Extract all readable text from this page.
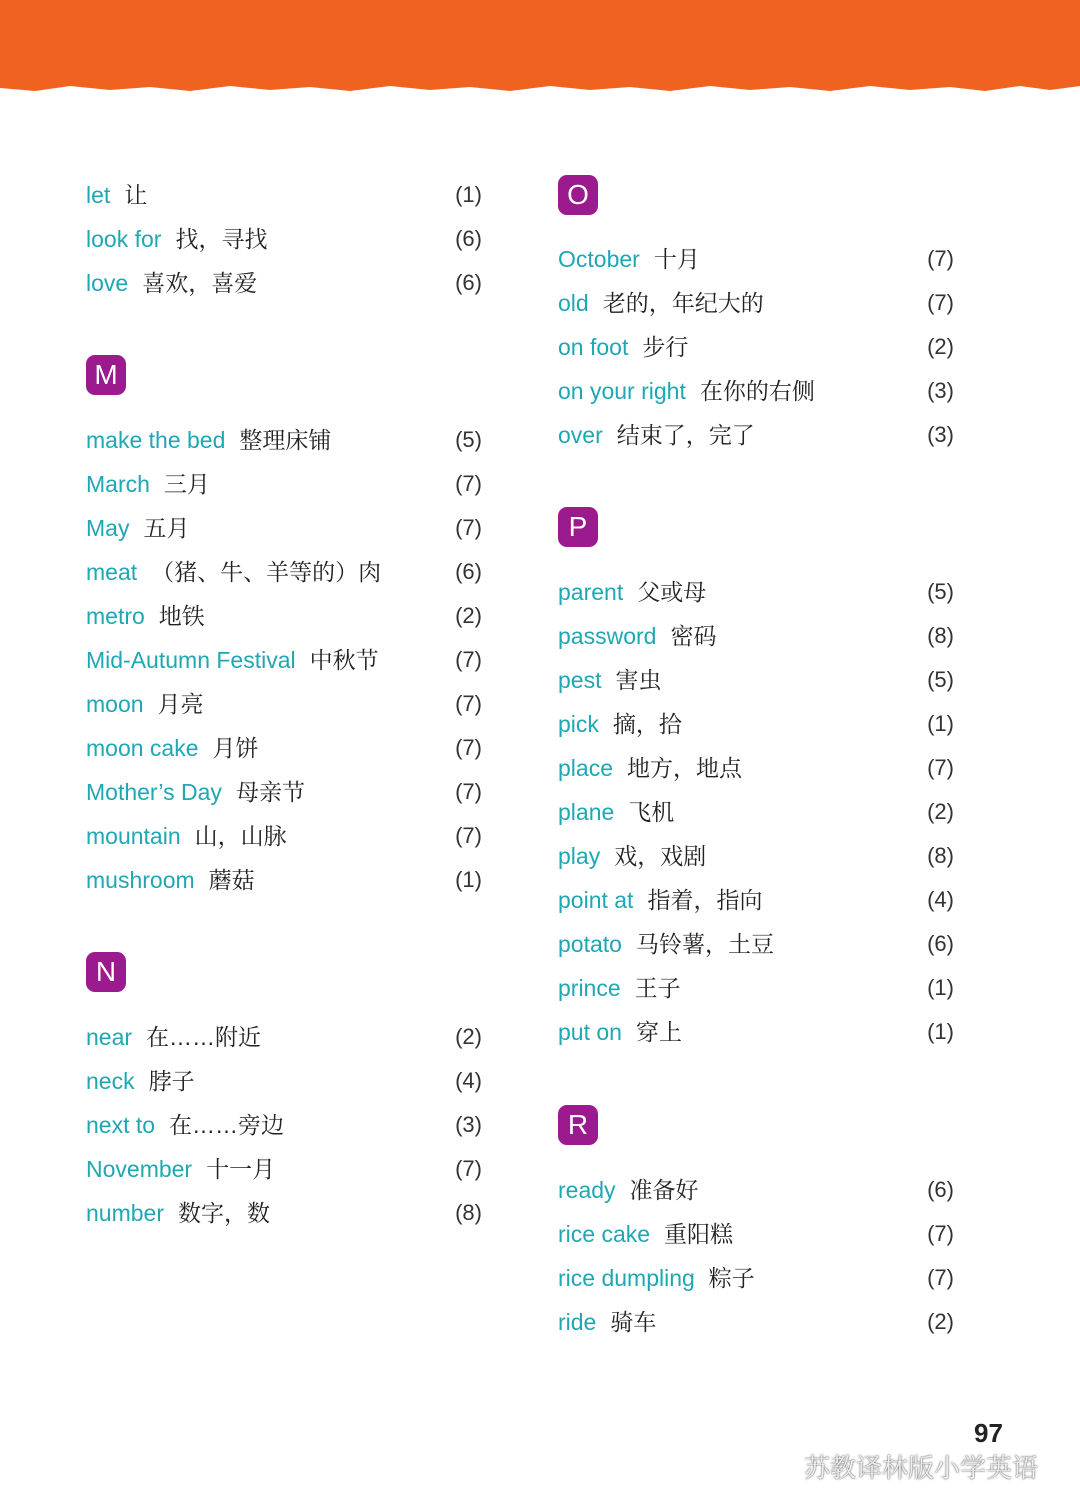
let 让	(1)
look for 找，寻找	(6)
love 喜欢，喜爱	(6)
M
make the bed 整理床铺	(5)
March 三月	(7)
May 五月	(7)
meat （猪、牛、羊等的）肉	(6)
metro 地铁	(2)
Mid-Autumn Festival 中秋节	(7)
moon 月亮	(7)
moon cake 月饼	(7)
Mother’s Day 母亲节	(7)
mountain 山，山脉	(7)
mushroom 蘑菇	(1)
N
near 在……附近	(2)
neck 脖子	(4)
next to 在……旁边	(3)
November 十一月	(7)
number 数字，数	(8)
O
October 十月	(7)
old 老的，年纪大的	(7)
on foot 步行	(2)
on your right 在你的右侧	(3)
over 结束了，完了	(3)
P
parent 父或母	(5)
password 密码	(8)
pest 害虫	(5)
pick 摘，拾	(1)
place 地方，地点	(7)
plane 飞机	(2)
play 戏，戏剧	(8)
point at 指着，指向	(4)
potato 马铃薯，土豆	(6)
prince 王子	(1)
put on 穿上	(1)
R
ready 准备好	(6)
rice cake 重阳糕	(7)
rice dumpling 粽子	(7)
ride 骑车	(2)
97
苏教译林版小学英语
